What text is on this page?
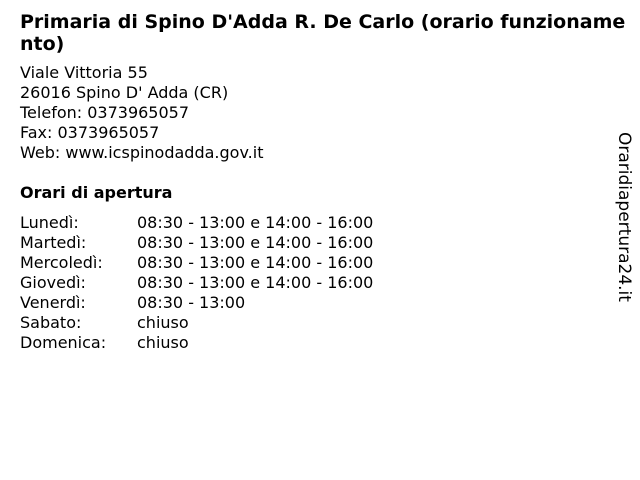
Primaria di Spino D'Adda R. De Carlo (orario funzionamento)
Viale Vittoria 55
26016 Spino D' Adda (CR)
Telefon: 0373965057
Fax: 0373965057
Web: www.icspinodadda.gov.it
Orari di apertura
Lunedì:	08:30 - 13:00 e 14:00 - 16:00
Martedì:	08:30 - 13:00 e 14:00 - 16:00
Mercoledì: 08:30 - 13:00 e 14:00 - 16:00
Giovedì:	08:30 - 13:00 e 14:00 - 16:00
Venerdì:	08:30 - 13:00
Sabato:	chiuso
Domenica: chiuso
Oraridiapertura24.it
